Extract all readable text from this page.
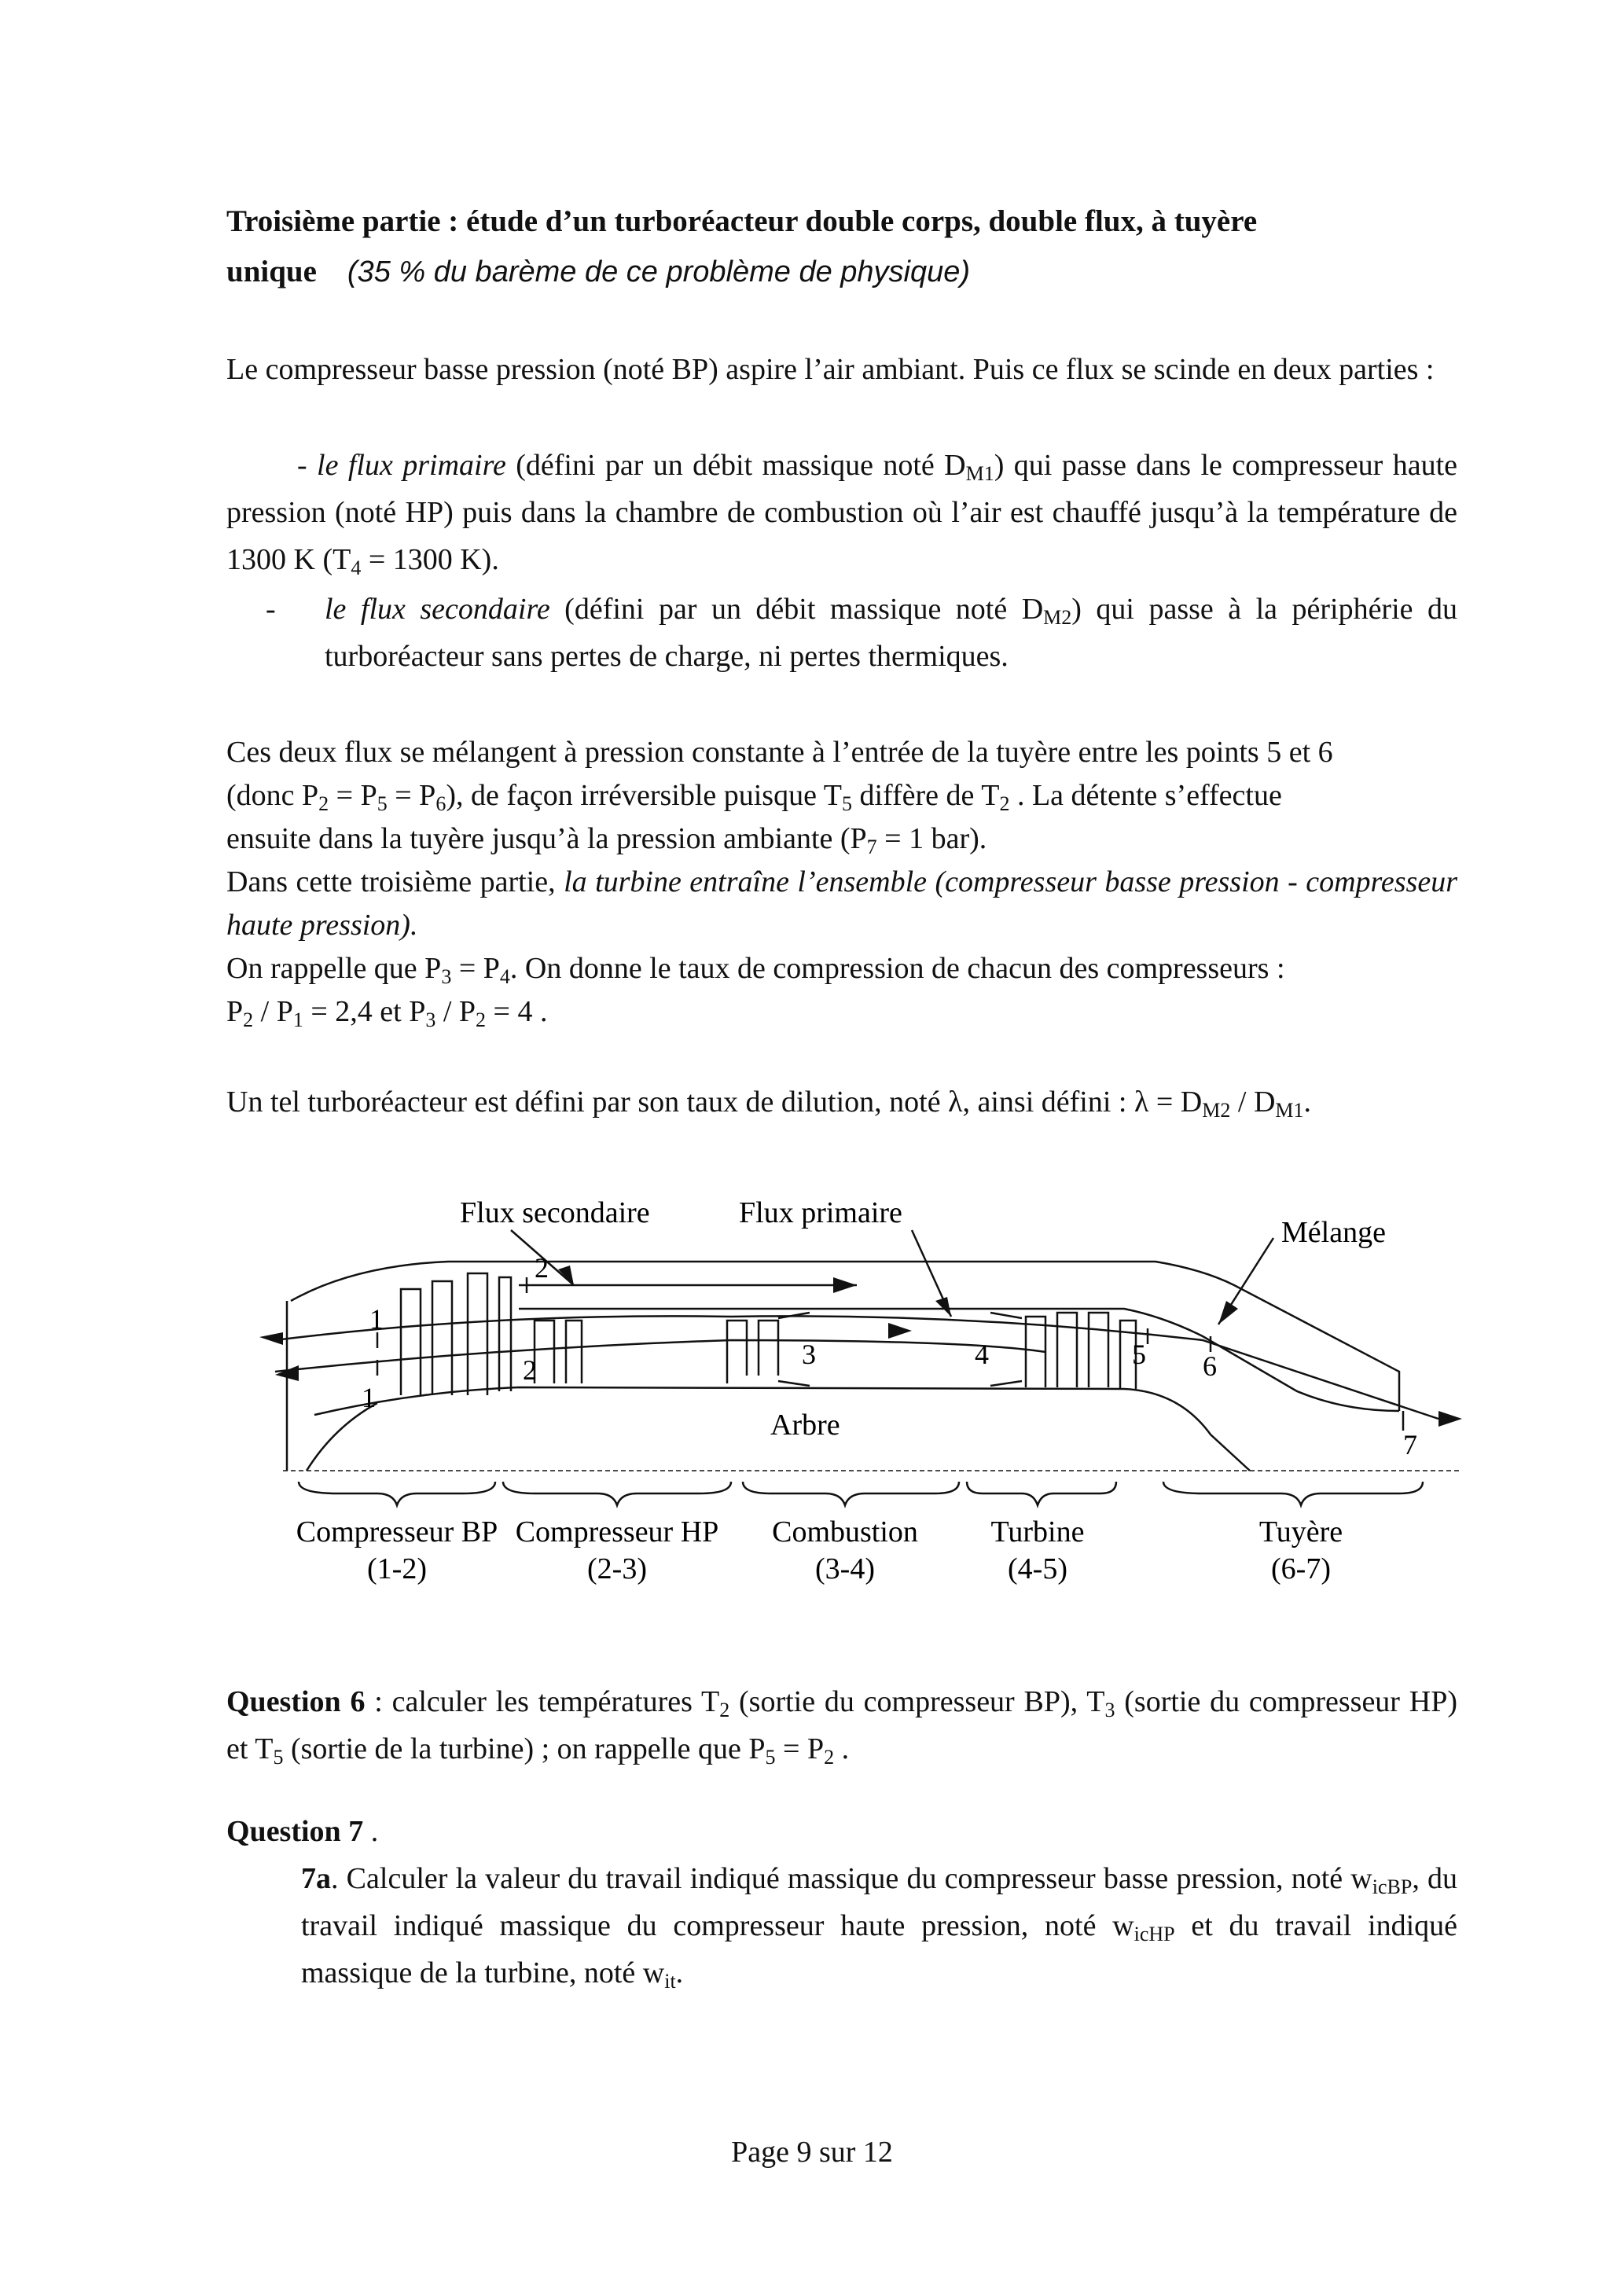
Troisième partie : étude d’un turboréacteur double corps, double flux, à tuyère
unique (35 % du barème de ce problème de physique)
Le compresseur basse pression (noté BP) aspire l’air ambiant. Puis ce flux se scinde en deux parties :
- le flux primaire (défini par un débit massique noté $D_{M1}$) qui passe dans le compresseur haute pression (noté HP) puis dans la chambre de combustion où l’air est chauffé jusqu’à la température de 1300 K ($T_4 = 1300$ K).
- le flux secondaire (défini par un débit massique noté $D_{M2}$) qui passe à la périphérie du turboréacteur sans pertes de charge, ni pertes thermiques.
Ces deux flux se mélangent à pression constante à l’entrée de la tuyère entre les points 5 et 6
(donc $P_2 = P_5 = P_6$), de façon irréversible puisque $T_5$ diffère de $T_2$ . La détente s’effectue
ensuite dans la tuyère jusqu’à la pression ambiante ($P_7 = 1$ bar).
Dans cette troisième partie, la turbine entraîne l’ensemble (compresseur basse pression - compresseur haute pression).
On rappelle que $P_3 = P_4$. On donne le taux de compression de chacun des compresseurs :
$P_2 / P_1 = 2,4$ et $P_3 / P_2 = 4$ .
Un tel turboréacteur est défini par son taux de dilution, noté λ, ainsi défini : $\lambda = D_{M2} / D_{M1}$.
Flux secondaire	Flux primaire
Mélange
Arbre
1
1
2
2	3	4	5 6
7
Compresseur BP
(1-2)
Compresseur HP
(2-3)
Combustion
(3-4)
Turbine
(4-5)
Tuyère
(6-7)
Question 6 : calculer les températures $T_2$ (sortie du compresseur BP), $T_3$ (sortie du compresseur HP) et $T_5$ (sortie de la turbine) ; on rappelle que $P_5 = P_2$ .
Question 7 .
7a. Calculer la valeur du travail indiqué massique du compresseur basse pression, noté $w_{icBP}$, du travail indiqué massique du compresseur haute pression, noté $w_{icHP}$ et du travail indiqué massique de la turbine, noté $w_{it}$.
Page 9 sur 12
